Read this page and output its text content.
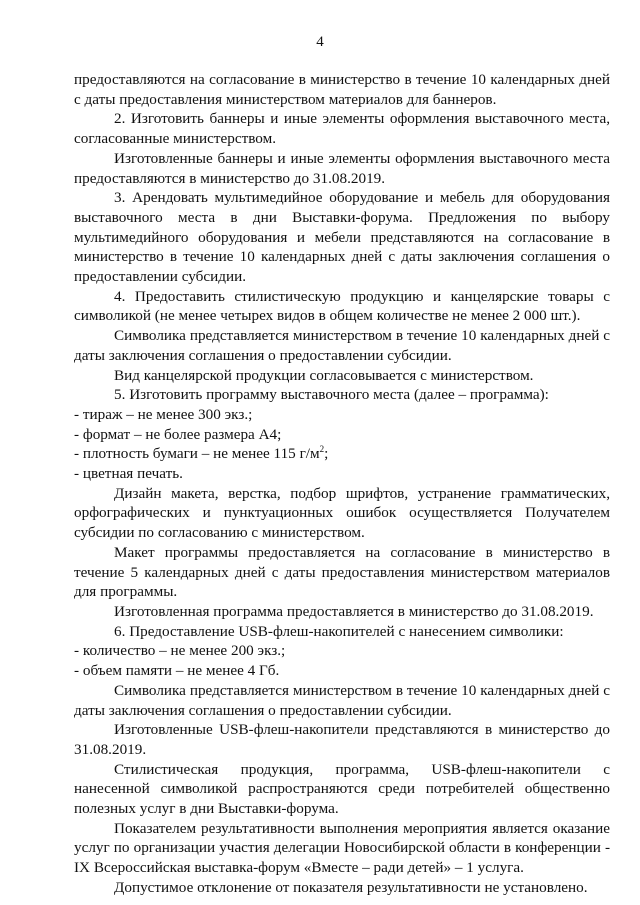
4

предоставляются на согласование в министерство в течение 10 календарных дней с даты предоставления министерством материалов для баннеров.

2. Изготовить баннеры и иные элементы оформления выставочного места, согласованные министерством.

Изготовленные баннеры и иные элементы оформления выставочного места предоставляются в министерство до 31.08.2019.

3. Арендовать мультимедийное оборудование и мебель для оборудования выставочного места в дни Выставки-форума. Предложения по выбору мультимедийного оборудования и мебели представляются на согласование в министерство в течение 10 календарных дней с даты заключения соглашения о предоставлении субсидии.

4. Предоставить стилистическую продукцию и канцелярские товары с символикой (не менее четырех видов в общем количестве не менее 2 000 шт.).

Символика представляется министерством в течение 10 календарных дней с даты заключения соглашения о предоставлении субсидии.

Вид канцелярской продукции согласовывается с министерством.

5. Изготовить программу выставочного места (далее – программа):

- тираж – не менее 300 экз.;

- формат – не более размера А4;

- плотность бумаги – не менее 115 $г/м^2$;

- цветная печать.

Дизайн макета, верстка, подбор шрифтов, устранение грамматических, орфографических и пунктуационных ошибок осуществляется Получателем субсидии по согласованию с министерством.

Макет программы предоставляется на согласование в министерство в течение 5 календарных дней с даты предоставления министерством материалов для программы.

Изготовленная программа предоставляется в министерство до 31.08.2019.

6. Предоставление USB-флеш-накопителей с нанесением символики:

- количество – не менее 200 экз.;

- объем памяти – не менее 4 Гб.

Символика представляется министерством в течение 10 календарных дней с даты заключения соглашения о предоставлении субсидии.

Изготовленные USB-флеш-накопители представляются в министерство до 31.08.2019.

Стилистическая продукция, программа, USB-флеш-накопители с нанесенной символикой распространяются среди потребителей общественно полезных услуг в дни Выставки-форума.

Показателем результативности выполнения мероприятия является оказание услуг по организации участия делегации Новосибирской области в конференции - IX Всероссийская выставка-форум «Вместе – ради детей» – 1 услуга.

Допустимое отклонение от показателя результативности не установлено.
